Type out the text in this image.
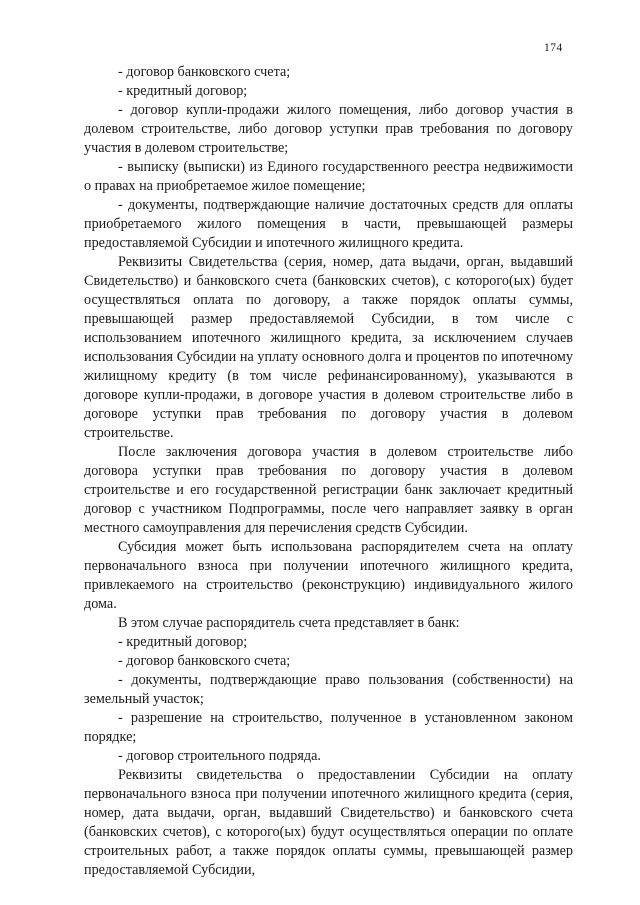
174

- договор банковского счета;

- кредитный договор;

- договор купли-продажи жилого помещения, либо договор участия в долевом строительстве, либо договор уступки прав требования по договору участия в долевом строительстве;

- выписку (выписки) из Единого государственного реестра недвижимости о правах на приобретаемое жилое помещение;

- документы, подтверждающие наличие достаточных средств для оплаты приобретаемого жилого помещения в части, превышающей размеры предоставляемой Субсидии и ипотечного жилищного кредита.

Реквизиты Свидетельства (серия, номер, дата выдачи, орган, выдавший Свидетельство) и банковского счета (банковских счетов), с которого(ых) будет осуществляться оплата по договору, а также порядок оплаты суммы, превышающей размер предоставляемой Субсидии, в том числе с использованием ипотечного жилищного кредита, за исключением случаев использования Субсидии на уплату основного долга и процентов по ипотечному жилищному кредиту (в том числе рефинансированному), указываются в договоре купли-продажи, в договоре участия в долевом строительстве либо в договоре уступки прав требования по договору участия в долевом строительстве.

После заключения договора участия в долевом строительстве либо договора уступки прав требования по договору участия в долевом строительстве и его государственной регистрации банк заключает кредитный договор с участником Подпрограммы, после чего направляет заявку в орган местного самоуправления для перечисления средств Субсидии.

Субсидия может быть использована распорядителем счета на оплату первоначального взноса при получении ипотечного жилищного кредита, привлекаемого на строительство (реконструкцию) индивидуального жилого дома.

В этом случае распорядитель счета представляет в банк:

- кредитный договор;

- договор банковского счета;

- документы, подтверждающие право пользования (собственности) на земельный участок;

- разрешение на строительство, полученное в установленном законом порядке;

- договор строительного подряда.

Реквизиты свидетельства о предоставлении Субсидии на оплату первоначального взноса при получении ипотечного жилищного кредита (серия, номер, дата выдачи, орган, выдавший Свидетельство) и банковского счета (банковских счетов), с которого(ых) будут осуществляться операции по оплате строительных работ, а также порядок оплаты суммы, превышающей размер предоставляемой Субсидии,
